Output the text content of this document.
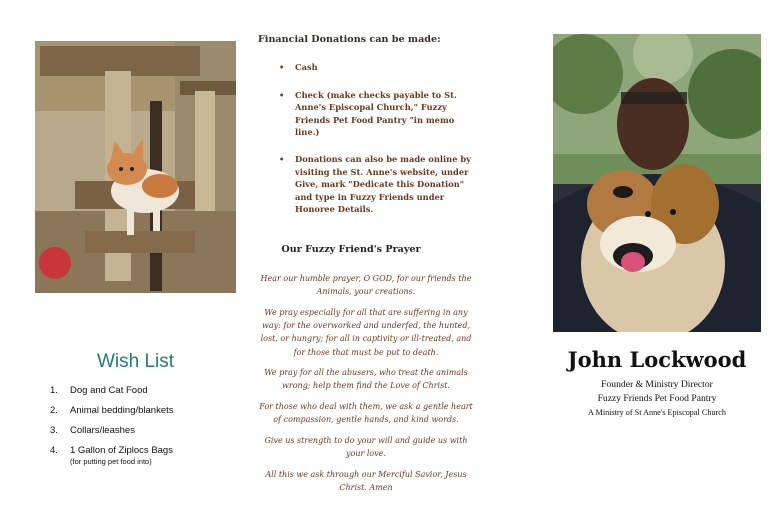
Wish List
1.	Dog and Cat Food
2.	Animal bedding/blankets
3.	Collars/leashes
4.	1 Gallon of Ziplocs Bags
(for putting pet food into)
Financial Donations can be made:
• Cash
• Check (make checks payable to St. Anne's Episcopal Church," Fuzzy Friends Pet Food Pantry "in memo line.)
• Donations can also be made online by visiting the St. Anne's website, under Give, mark "Dedicate this Donation" and type in Fuzzy Friends under Honoree Details.
Our Fuzzy Friend's Prayer

Hear our humble prayer, O GOD, for our friends the Animals, your creations.

We pray especially for all that are suffering in any way: for the overworked and underfed, the hunted, lost, or hungry; for all in captivity or ill-treated, and for those that must be put to death.

We pray for all the abusers, who treat the animals wrong; help them find the Love of Christ.

For those who deal with them, we ask a gentle heart of compassion, gentle hands, and kind words.

Give us strength to do your will and guide us with your love.

All this we ask through our Merciful Savior, Jesus Christ. Amen

John Lockwood
Founder & Ministry Director
Fuzzy Friends Pet Food Pantry
A Ministry of St Anne's Episcopal Church
